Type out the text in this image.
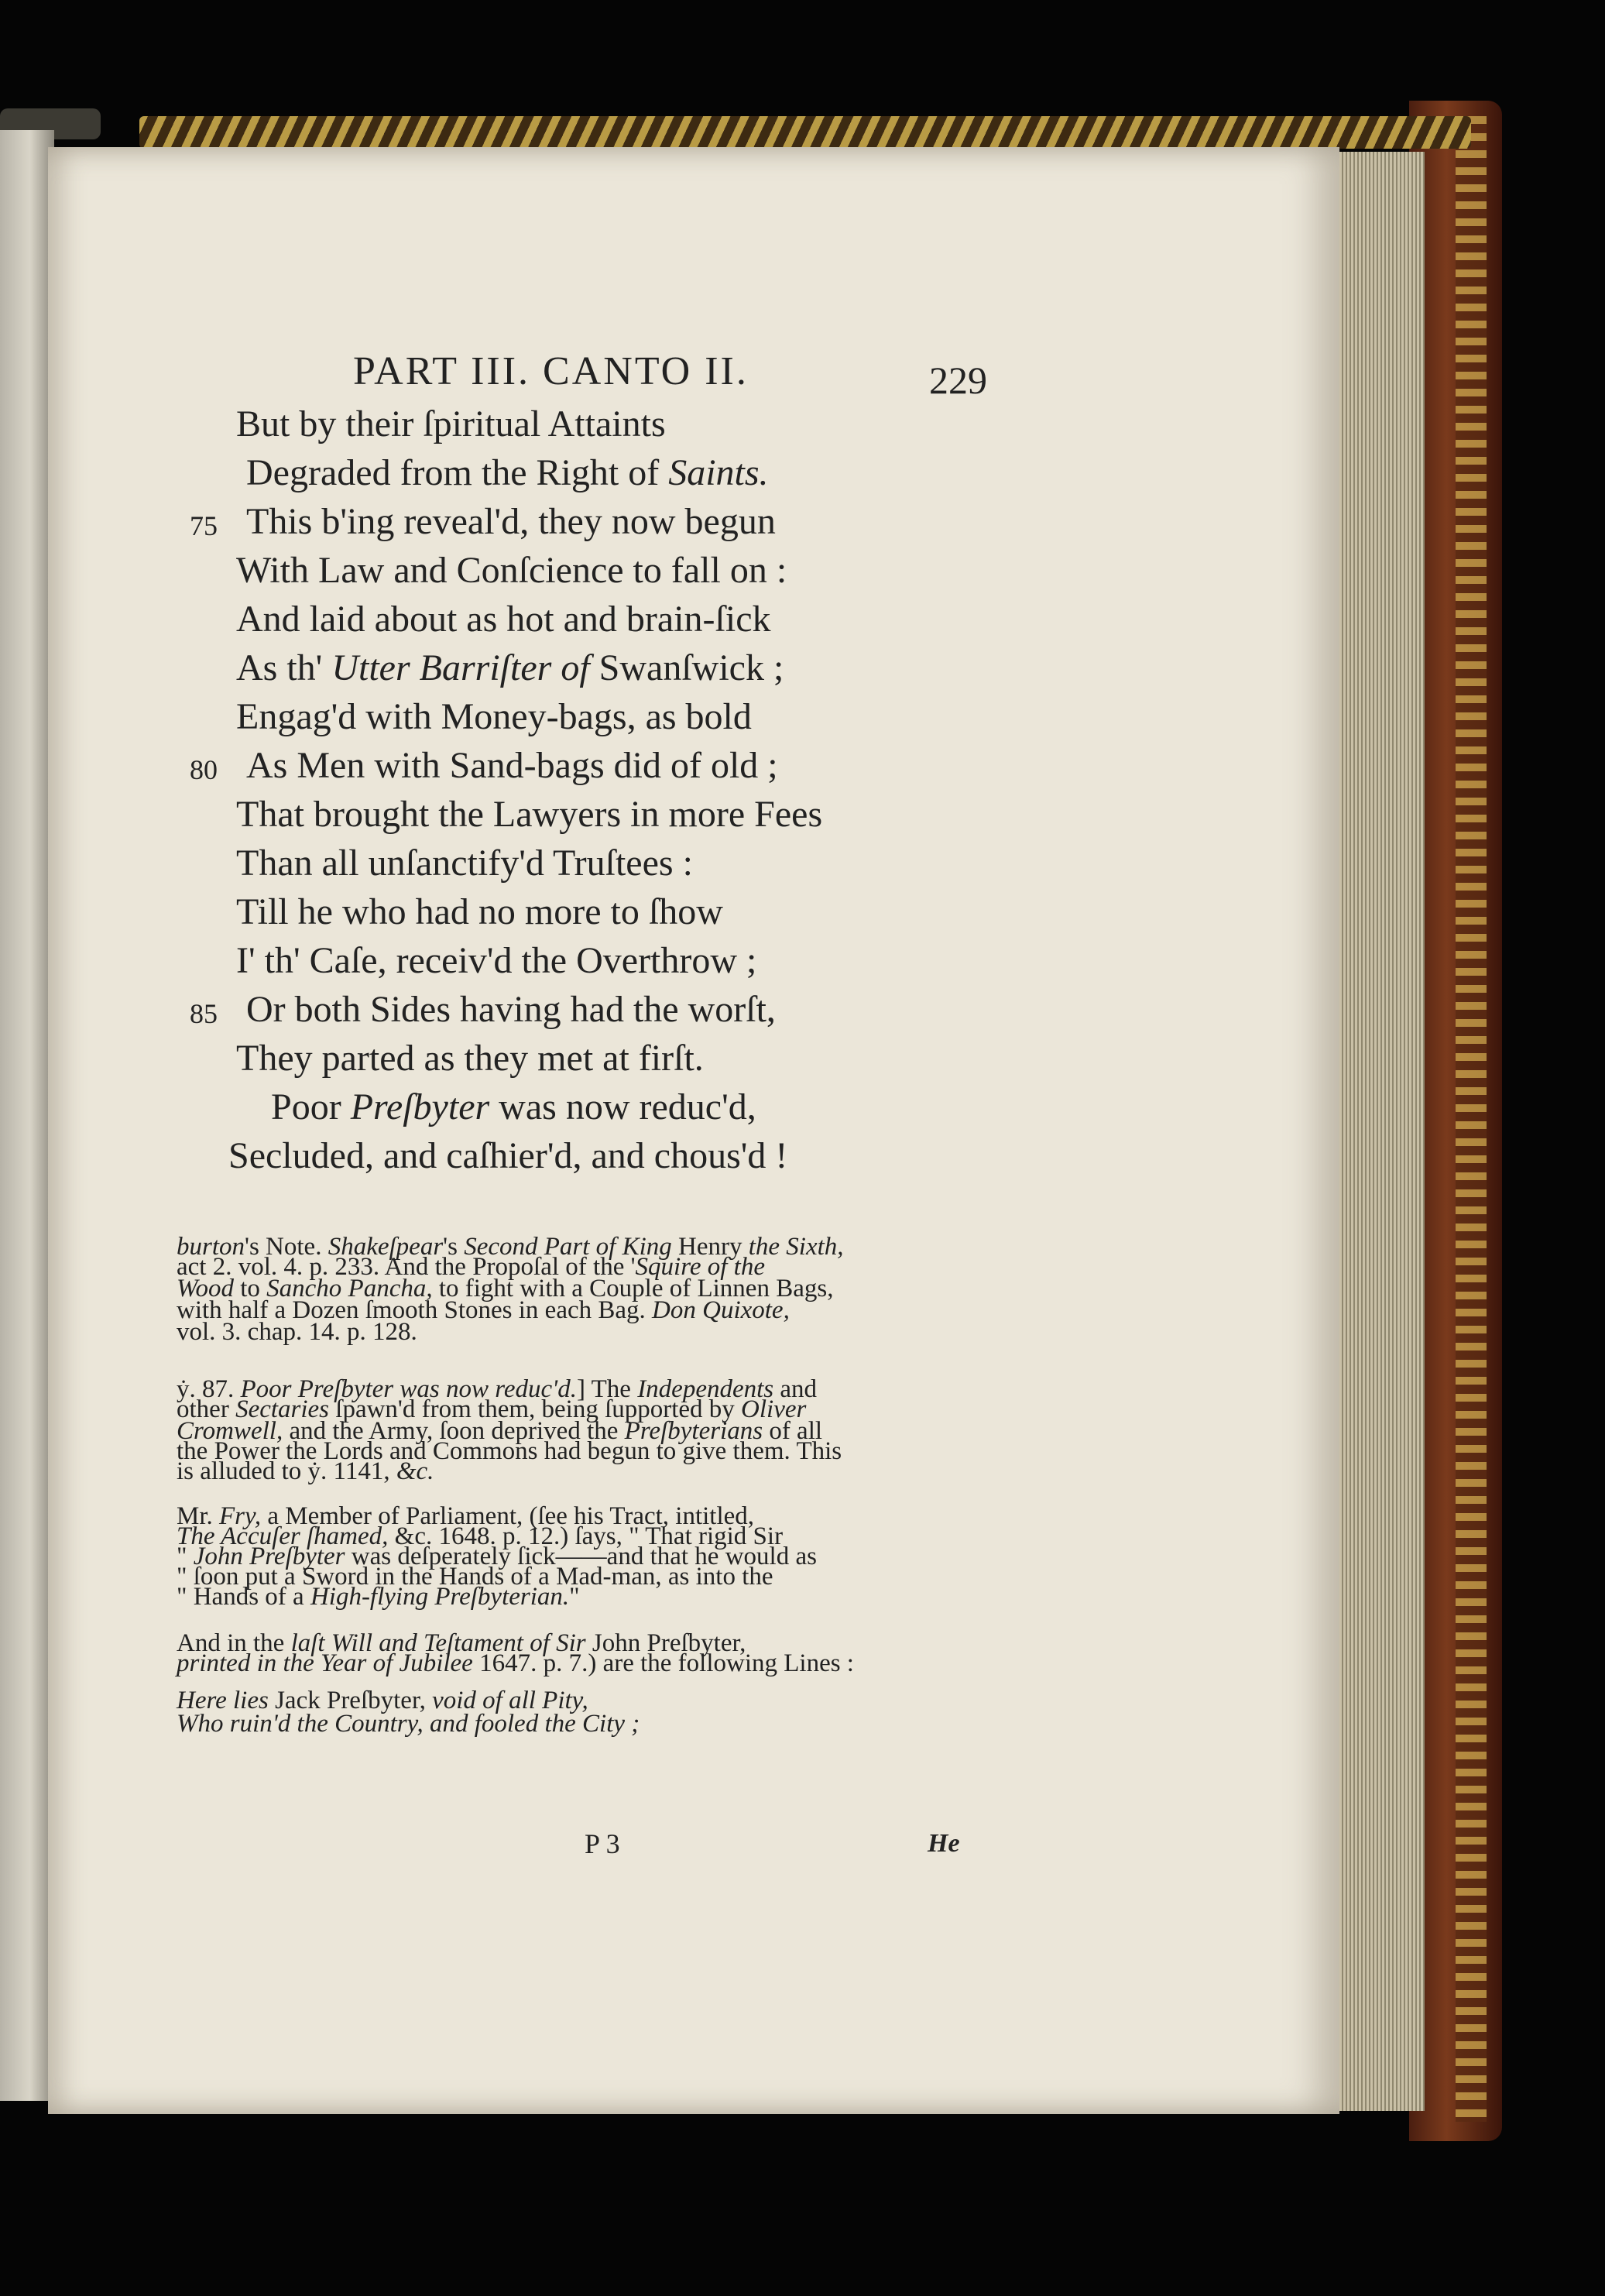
PART III. CANTO II.	229
But by their ſpiritual Attaints
Degraded from the Right of Saints.
75 This b'ing reveal'd, they now begun
With Law and Conſcience to fall on :
And laid about as hot and brain-ſick
As th' Utter Barriſter of Swanſwick ;
Engag'd with Money-bags, as bold
80 As Men with Sand-bags did of old ;
That brought the Lawyers in more Fees
Than all unſanctify'd Truſtees :
Till he who had no more to ſhow
I' th' Caſe, receiv'd the Overthrow ;
85 Or both Sides having had the worſt,
They parted as they met at firſt.
Poor Preſbyter was now reduc'd,
Secluded, and caſhier'd, and chous'd !
burton's Note. Shakeſpear's Second Part of King Henry the Sixth,
act 2. vol. 4. p. 233. And the Propoſal of the 'Squire of the
Wood to Sancho Pancha, to fight with a Couple of Linnen Bags,
with half a Dozen ſmooth Stones in each Bag. Don Quixote,
vol. 3. chap. 14. p. 128.
ẏ. 87. Poor Preſbyter was now reduc'd.] The Independents and
other Sectaries ſpawn'd from them, being ſupported by Oliver
Cromwell, and the Army, ſoon deprived the Preſbyterians of all
the Power the Lords and Commons had begun to give them. This
is alluded to ẏ. 1141, &c.
Mr. Fry, a Member of Parliament, (ſee his Tract, intitled,
The Accuſer ſhamed, &c. 1648. p. 12.) ſays, " That rigid Sir
" John Preſbyter was deſperately ſick——and that he would as
" ſoon put a Sword in the Hands of a Mad-man, as into the
" Hands of a High-flying Preſbyterian."
And in the laſt Will and Teſtament of Sir John Preſbyter,
printed in the Year of Jubilee 1647. p. 7.) are the following Lines :
Here lies Jack Preſbyter, void of all Pity,
Who ruin'd the Country, and fooled the City ;
P 3	He
